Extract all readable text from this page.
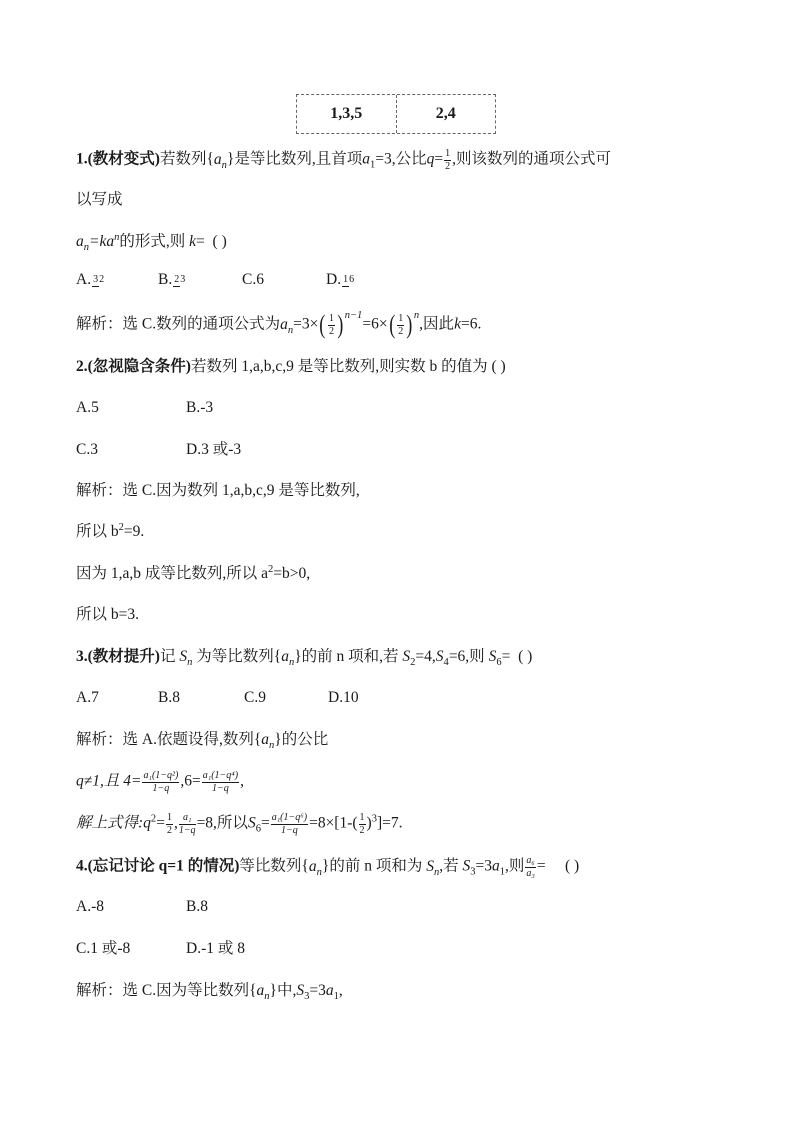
1,3,5	2,4
1.(教材变式)若数列$\{a_n\}$是等比数列,且首项$a_1=3$,公比$q= \frac{1}{2}$ ,则该数列的通项公式可
以写成
$a_n=ka^n$的形式,则 k= ( )
A. 32	B. 23	C.6	D. 16
解析：选 C.数列的通项公式为$a_n=3\times$ ( $\frac{1}{2}$ ) $^{n-1}$=6× ( $\frac{1}{2}$ ) $^n$,因此k=6.
2.(忽视隐含条件)若数列 1,a,b,c,9 是等比数列,则实数 b 的值为 ( )
A.5	B.-3
C.3	D.3 或-3
解析：选 C.因为数列 1,a,b,c,9 是等比数列,
所以 $b^2=9$.
因为 1,a,b 成等比数列,所以 $a^2=b>0$,
所以 b=3.
3.(教材提升)记 $S_n$ 为等比数列$\{a_n\}$的前 n 项和,若 $S_2=4,S_4=6$,则 $S_6=$ ( )
A.7	B.8	C.9	D.10
解析：选 A.依题设得,数列$\{a_n\}$的公比
q≠1,且 $4= \frac{\text{a₁(1−q²)}}{1-q} ,6= \frac{\text{a₁(1−q⁴)}}{1-q}$ ,
解上式得$:q^2= \frac{1}{2}$ , $\frac{\text{a₁}}{1-q} =8$,所以$S_6= \frac{\text{a₁(1−q⁶)}}{1-q} =8\times[1-( \frac{1}{2} )^3]=7$.
4.(忘记讨论 q=1 的情况)等比数列$\{a_n\}$的前 n 项和为 $S_n$,若 $S_3=3a_1$,则 $\frac{\text{a₆}}{\text{a₃}}$ = ( )
A.-8	B.8
C.1 或-8	D.-1 或 8
解析：选 C.因为等比数列$\{a_n\}$中$,S_3=3a_1$,
